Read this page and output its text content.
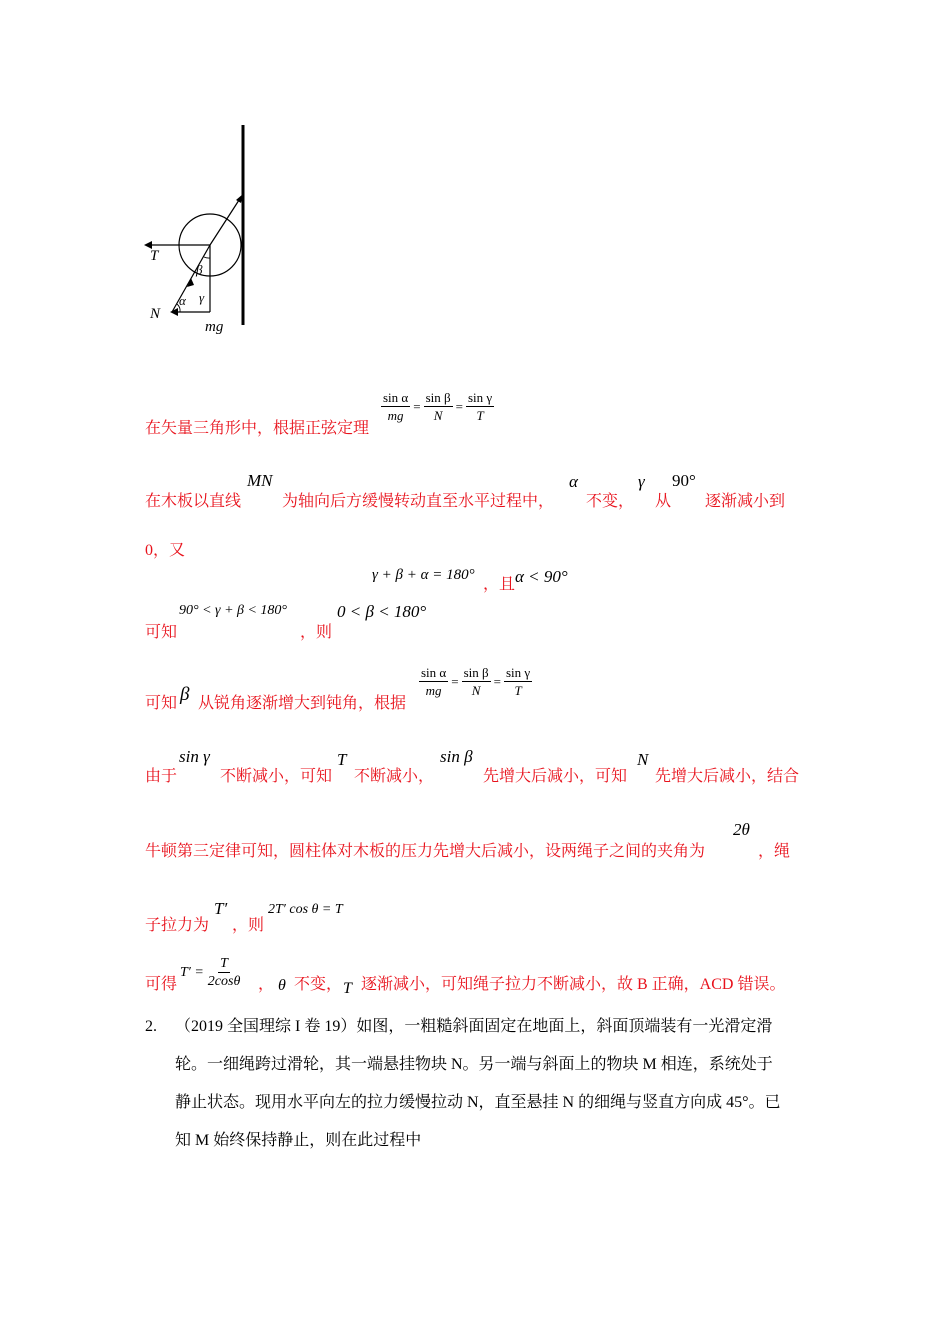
T
β
α γ
N
mg
在矢量三角形中，根据正弦定理
$\frac{\text{sin α}}{mg} = \frac{\text{sin β}}{N} = \frac{\text{sin γ}}{T}$
在木板以直线
MN
为轴向后方缓慢转动直至水平过程中，
α
不变，
γ
从
90°
逐渐减小到
0，又
γ + β + α = 180°
，且 α < 90°
可知
90° < γ + β < 180°
，则
0 < β < 180°
可知 β 从锐角逐渐增大到钝角，根据
$\frac{\text{sin α}}{mg} = \frac{\text{sin β}}{N} = \frac{\text{sin γ}}{T}$
由于
sin γ
不断减小，可知
T
不断减小，
sin β
先增大后减小，可知
N
先增大后减小，结合
牛顿第三定律可知，圆柱体对木板的压力先增大后减小，设两绳子之间的夹角为
2θ
，绳
子拉力为
T′
，则
2T′ cos θ = T
可得
$T' = \frac{T}{2\cos\theta}$ ， θ 不变， T 逐渐减小，可知绳子拉力不断减小，故 B 正确，ACD 错误。
2. （2019 全国理综 I 卷 19）如图，一粗糙斜面固定在地面上，斜面顶端装有一光滑定滑
轮。一细绳跨过滑轮，其一端悬挂物块 N。另一端与斜面上的物块 M 相连，系统处于
静止状态。现用水平向左的拉力缓慢拉动 N，直至悬挂 N 的细绳与竖直方向成 45°。已
知 M 始终保持静止，则在此过程中
